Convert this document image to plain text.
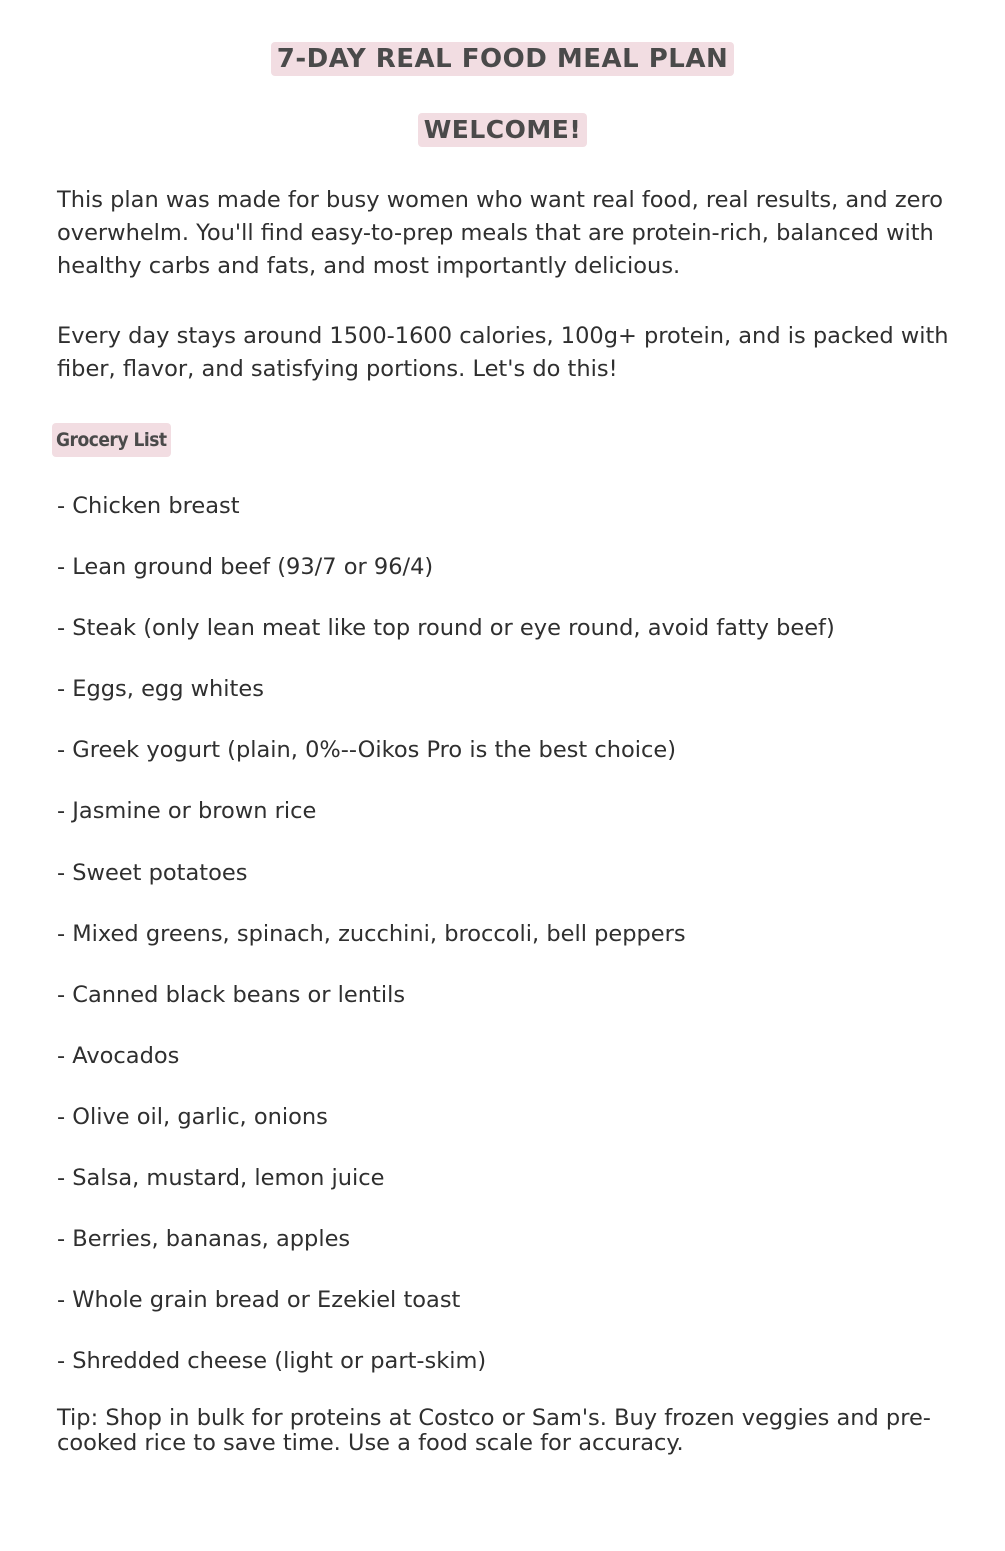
7-DAY REAL FOOD MEAL PLAN
WELCOME!

This plan was made for busy women who want real food, real results, and zero overwhelm. You'll find easy-to-prep meals that are protein-rich, balanced with healthy carbs and fats, and most importantly delicious.

Every day stays around 1500-1600 calories, 100g+ protein, and is packed with fiber, flavor, and satisfying portions. Let's do this!

Grocery List
- Chicken breast
- Lean ground beef (93/7 or 96/4)
- Steak (only lean meat like top round or eye round, avoid fatty beef)
- Eggs, egg whites
- Greek yogurt (plain, 0%--Oikos Pro is the best choice)
- Jasmine or brown rice
- Sweet potatoes
- Mixed greens, spinach, zucchini, broccoli, bell peppers
- Canned black beans or lentils
- Avocados
- Olive oil, garlic, onions
- Salsa, mustard, lemon juice
- Berries, bananas, apples
- Whole grain bread or Ezekiel toast
- Shredded cheese (light or part-skim)

Tip: Shop in bulk for proteins at Costco or Sam's. Buy frozen veggies and pre-cooked rice to save time. Use a food scale for accuracy.
